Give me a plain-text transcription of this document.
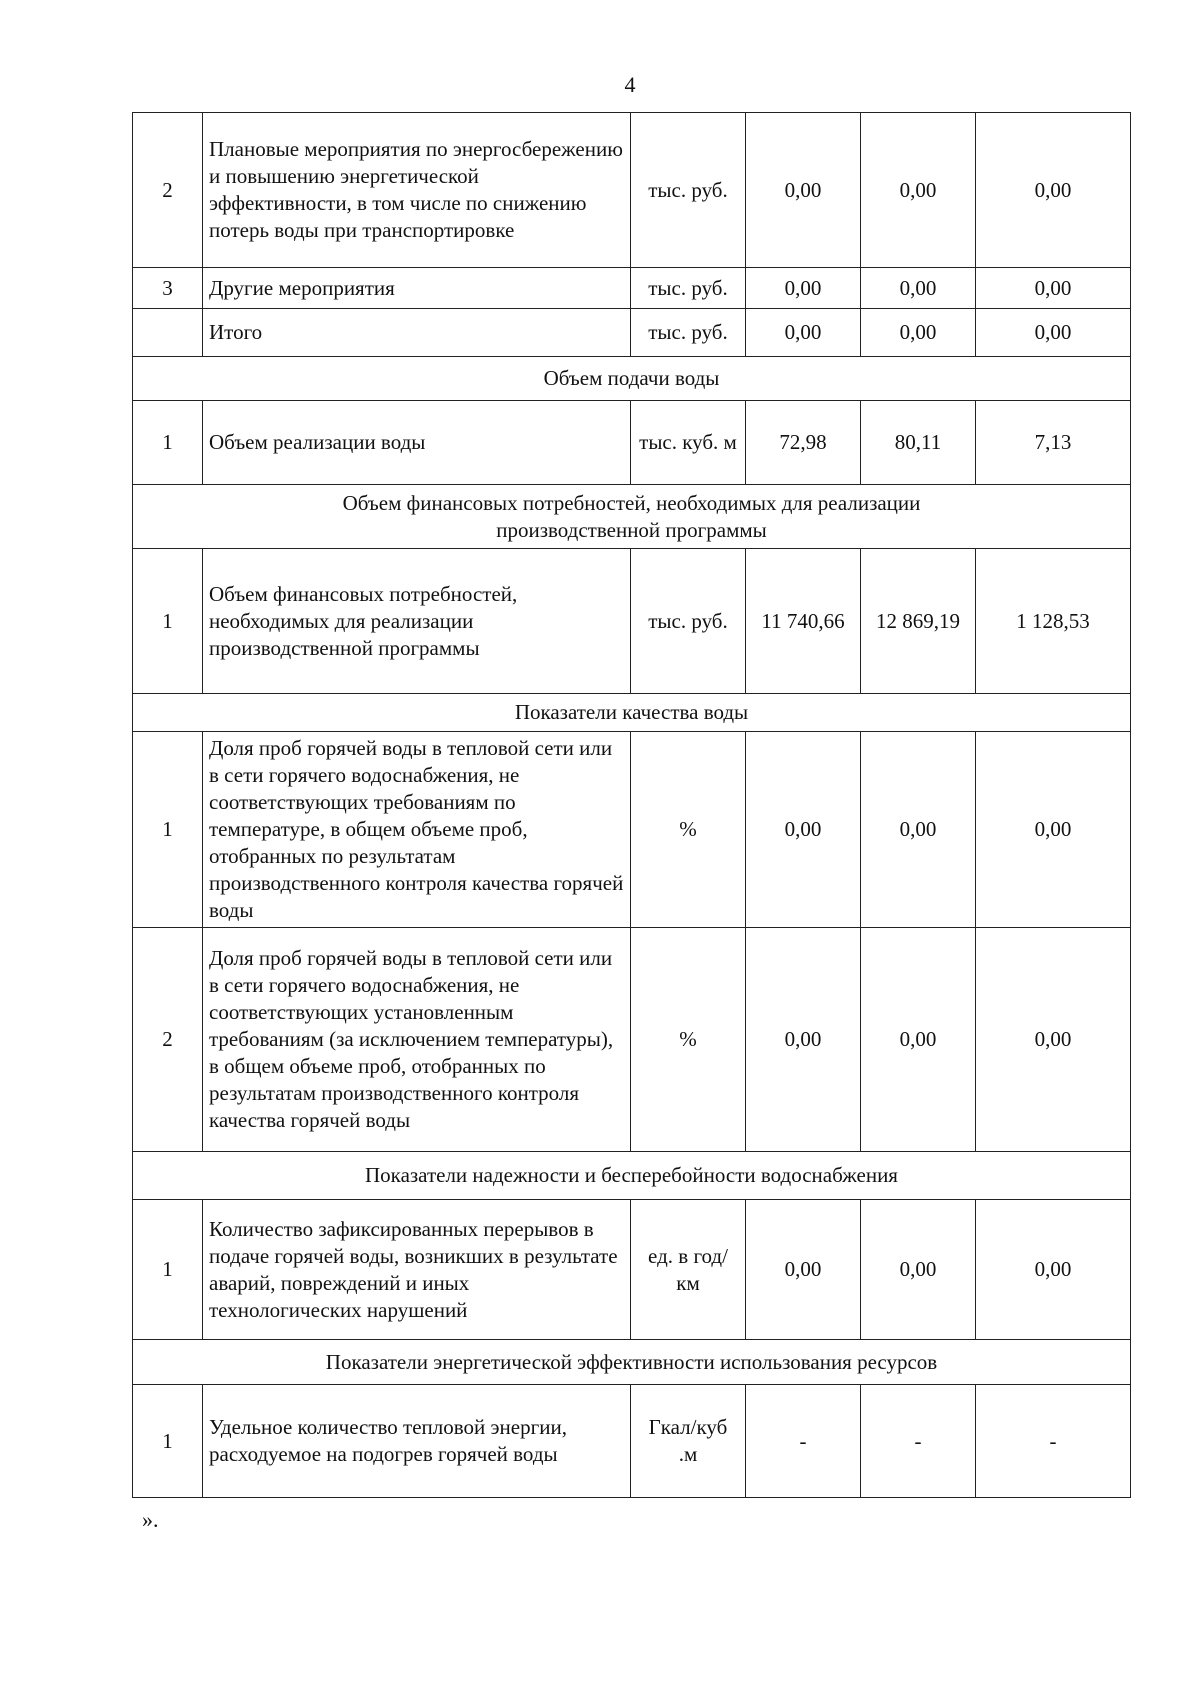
4
2	Плановые мероприятия по энергосбережению и повышению энергетической эффективности, в том числе по снижению потерь воды при транспортировке	тыс. руб.	0,00	0,00	0,00
3	Другие мероприятия	тыс. руб.	0,00	0,00	0,00
	Итого	тыс. руб.	0,00	0,00	0,00
Объем подачи воды					
1	Объем реализации воды	тыс. куб. м	72,98	80,11	7,13
Объем финансовых потребностей, необходимых для реализации производственной программы					
1	Объем финансовых потребностей, необходимых для реализации производственной программы	тыс. руб.	11 740,66	12 869,19	1 128,53
Показатели качества воды					
1	Доля проб горячей воды в тепловой сети или в сети горячего водоснабжения, не соответствующих требованиям по температуре, в общем объеме проб, отобранных по результатам производственного контроля качества горячей воды	%	0,00	0,00	0,00
2	Доля проб горячей воды в тепловой сети или в сети горячего водоснабжения, не соответствующих установленным требованиям (за исключением температуры), в общем объеме проб, отобранных по результатам производственного контроля качества горячей воды	%	0,00	0,00	0,00
Показатели надежности и бесперебойности водоснабжения					
1	Количество зафиксированных перерывов в подаче горячей воды, возникших в результате аварий, повреждений и иных технологических нарушений	ед. в год/ км	0,00	0,00	0,00
Показатели энергетической эффективности использования ресурсов					
1	Удельное количество тепловой энергии, расходуемое на подогрев горячей воды	Гкал/куб .м	-	-	-
».
